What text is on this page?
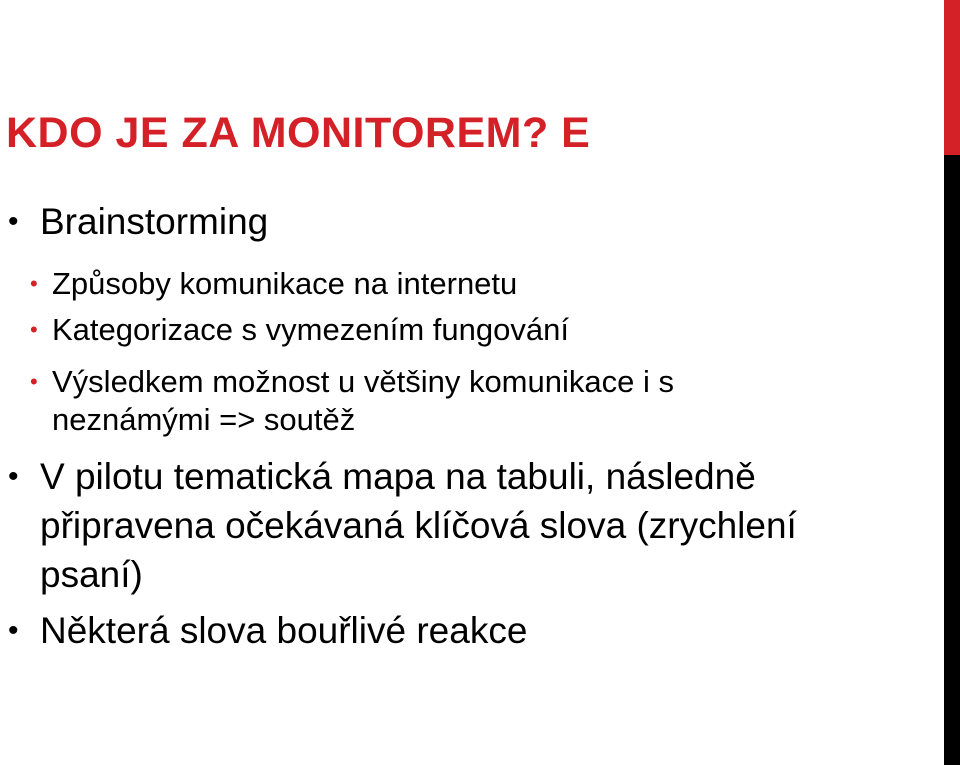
KDO JE ZA MONITOREM? E
• Brainstorming
• Způsoby komunikace na internetu
• Kategorizace s vymezením fungování
• Výsledkem možnost u většiny komunikace i s neznámými => soutěž
• V pilotu tematická mapa na tabuli, následně připravena očekávaná klíčová slova (zrychlení psaní)
• Některá slova bouřlivé reakce
